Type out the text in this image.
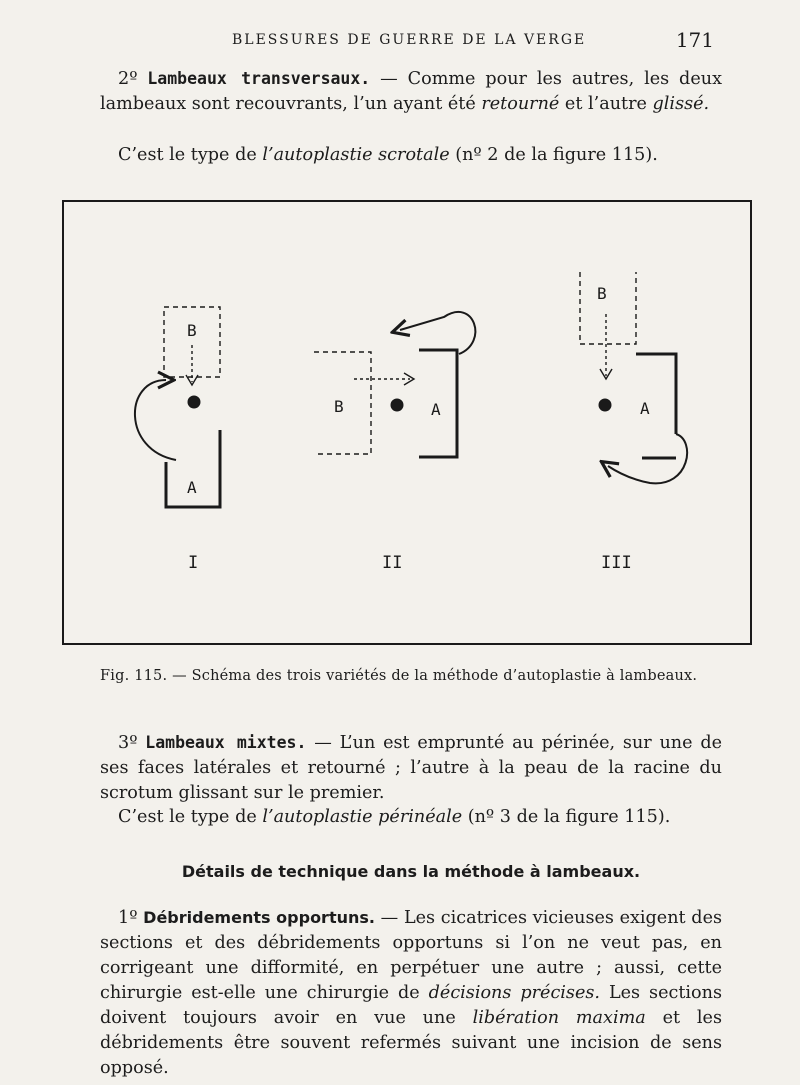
BLESSURES DE GUERRE DE LA VERGE	171
2º Lambeaux transversaux. — Comme pour les autres, les deux lambeaux sont recouvrants, l’un ayant été retourné et l’autre glissé.
C’est le type de l’autoplastie scrotale (nº 2 de la figure 115).
B
A
I
B	A
II
B
A
III
Fig. 115. — Schéma des trois variétés de la méthode d’autoplastie à lambeaux.
3º Lambeaux mixtes. — L’un est emprunté au périnée, sur une de ses faces latérales et retourné ; l’autre à la peau de la racine du scrotum glissant sur le premier.
C’est le type de l’autoplastie périnéale (nº 3 de la figure 115).
Détails de technique dans la méthode à lambeaux.
1º Débridements opportuns. — Les cicatrices vicieuses exigent des sections et des débridements opportuns si l’on ne veut pas, en corrigeant une difformité, en perpétuer une autre ; aussi, cette chirurgie est-elle une chirurgie de décisions précises. Les sections doivent toujours avoir en vue une libération maxima et les débridements être souvent refermés suivant une incision de sens opposé.
